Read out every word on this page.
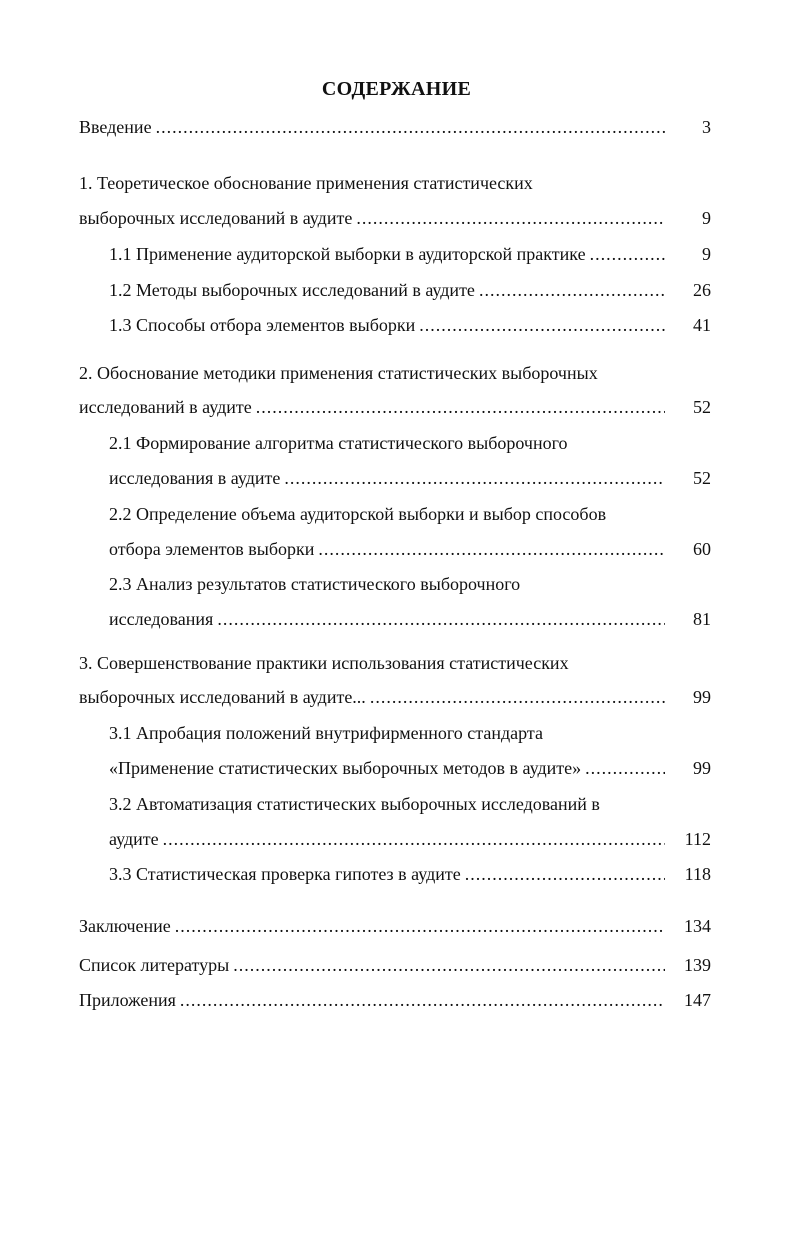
СОДЕРЖАНИЕ
Введение .....	3
1. Теоретическое обоснование применения статистических
выборочных исследований в аудите .....	9
1.1 Применение аудиторской выборки в аудиторской практике .....	9
1.2 Методы выборочных исследований в аудите .....	26
1.3 Способы отбора элементов выборки .....	41
2. Обоснование методики применения статистических выборочных
исследований в аудите .....	52
2.1 Формирование алгоритма статистического выборочного
исследования в аудите .....	52
2.2 Определение объема аудиторской выборки и выбор способов
отбора элементов выборки .....	60
2.3 Анализ результатов статистического выборочного
исследования .....	81
3. Совершенствование практики использования статистических
выборочных исследований в аудите... .....	99
3.1 Апробация положений внутрифирменного стандарта
«Применение статистических выборочных методов в аудите» .....	99
3.2 Автоматизация статистических выборочных исследований в
аудите .....	112
3.3 Статистическая проверка гипотез в аудите .....	118
Заключение .....	134
Список литературы .....	139
Приложения .....	147
